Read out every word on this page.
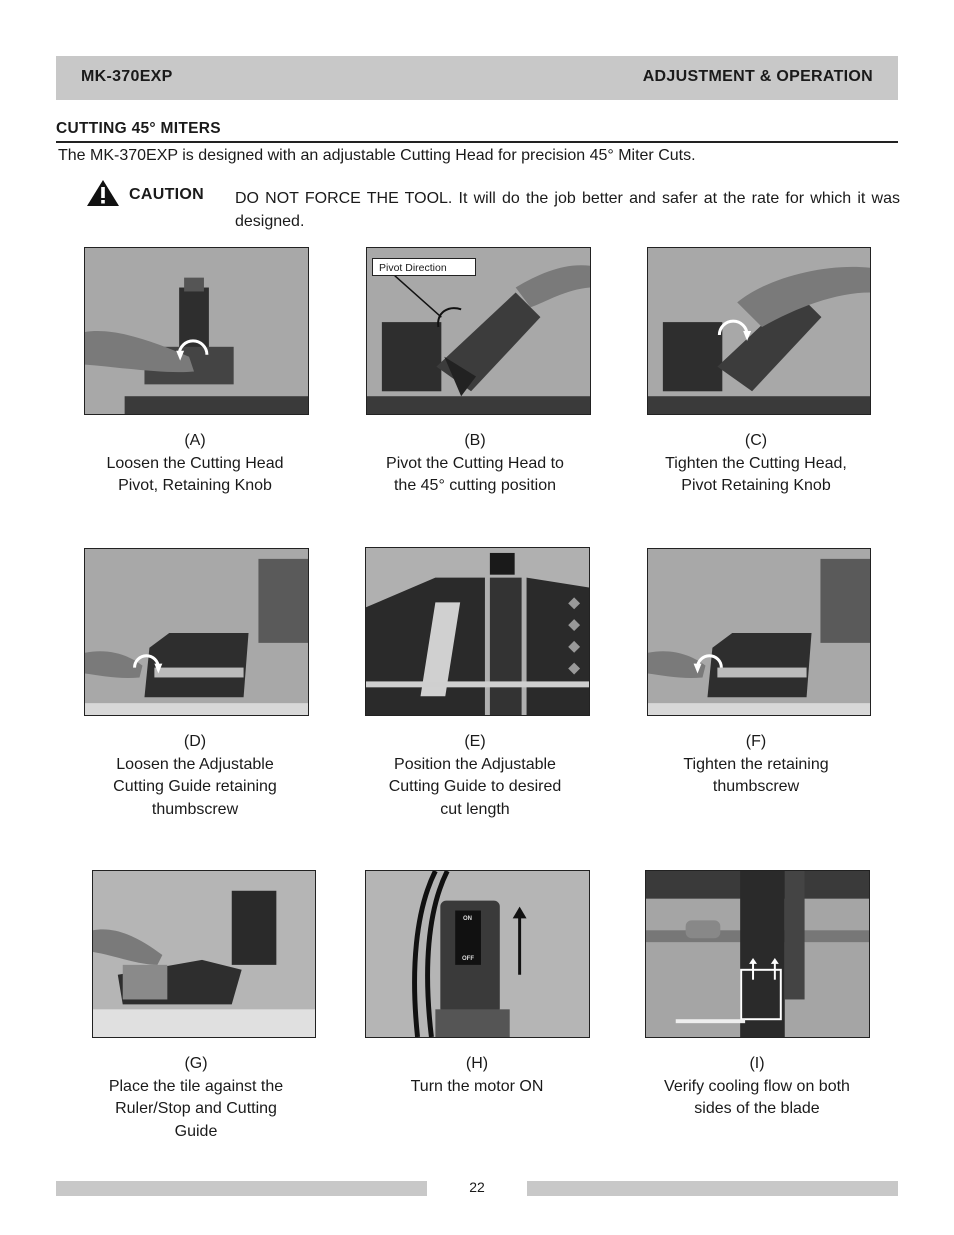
MK-370EXP	ADJUSTMENT & OPERATION
CUTTING 45° MITERS
The MK-370EXP is designed with an adjustable Cutting Head for precision 45° Miter Cuts.
CAUTION DO NOT FORCE THE TOOL. It will do the job better and safer at the rate for which it was designed.
Pivot Direction
(A)
Loosen the Cutting Head
Pivot, Retaining Knob
(B)
Pivot the Cutting Head to
the 45° cutting position
(C)
Tighten the Cutting Head,
Pivot Retaining Knob
(D)
Loosen the Adjustable
Cutting Guide retaining
thumbscrew
(E)
Position the Adjustable
Cutting Guide to desired
cut length
(F)
Tighten the retaining
thumbscrew
ON
OFF
(G)
Place the tile against the
Ruler/Stop and Cutting
Guide
(H)
Turn the motor ON
(I)
Verify cooling flow on both
sides of the blade
22
